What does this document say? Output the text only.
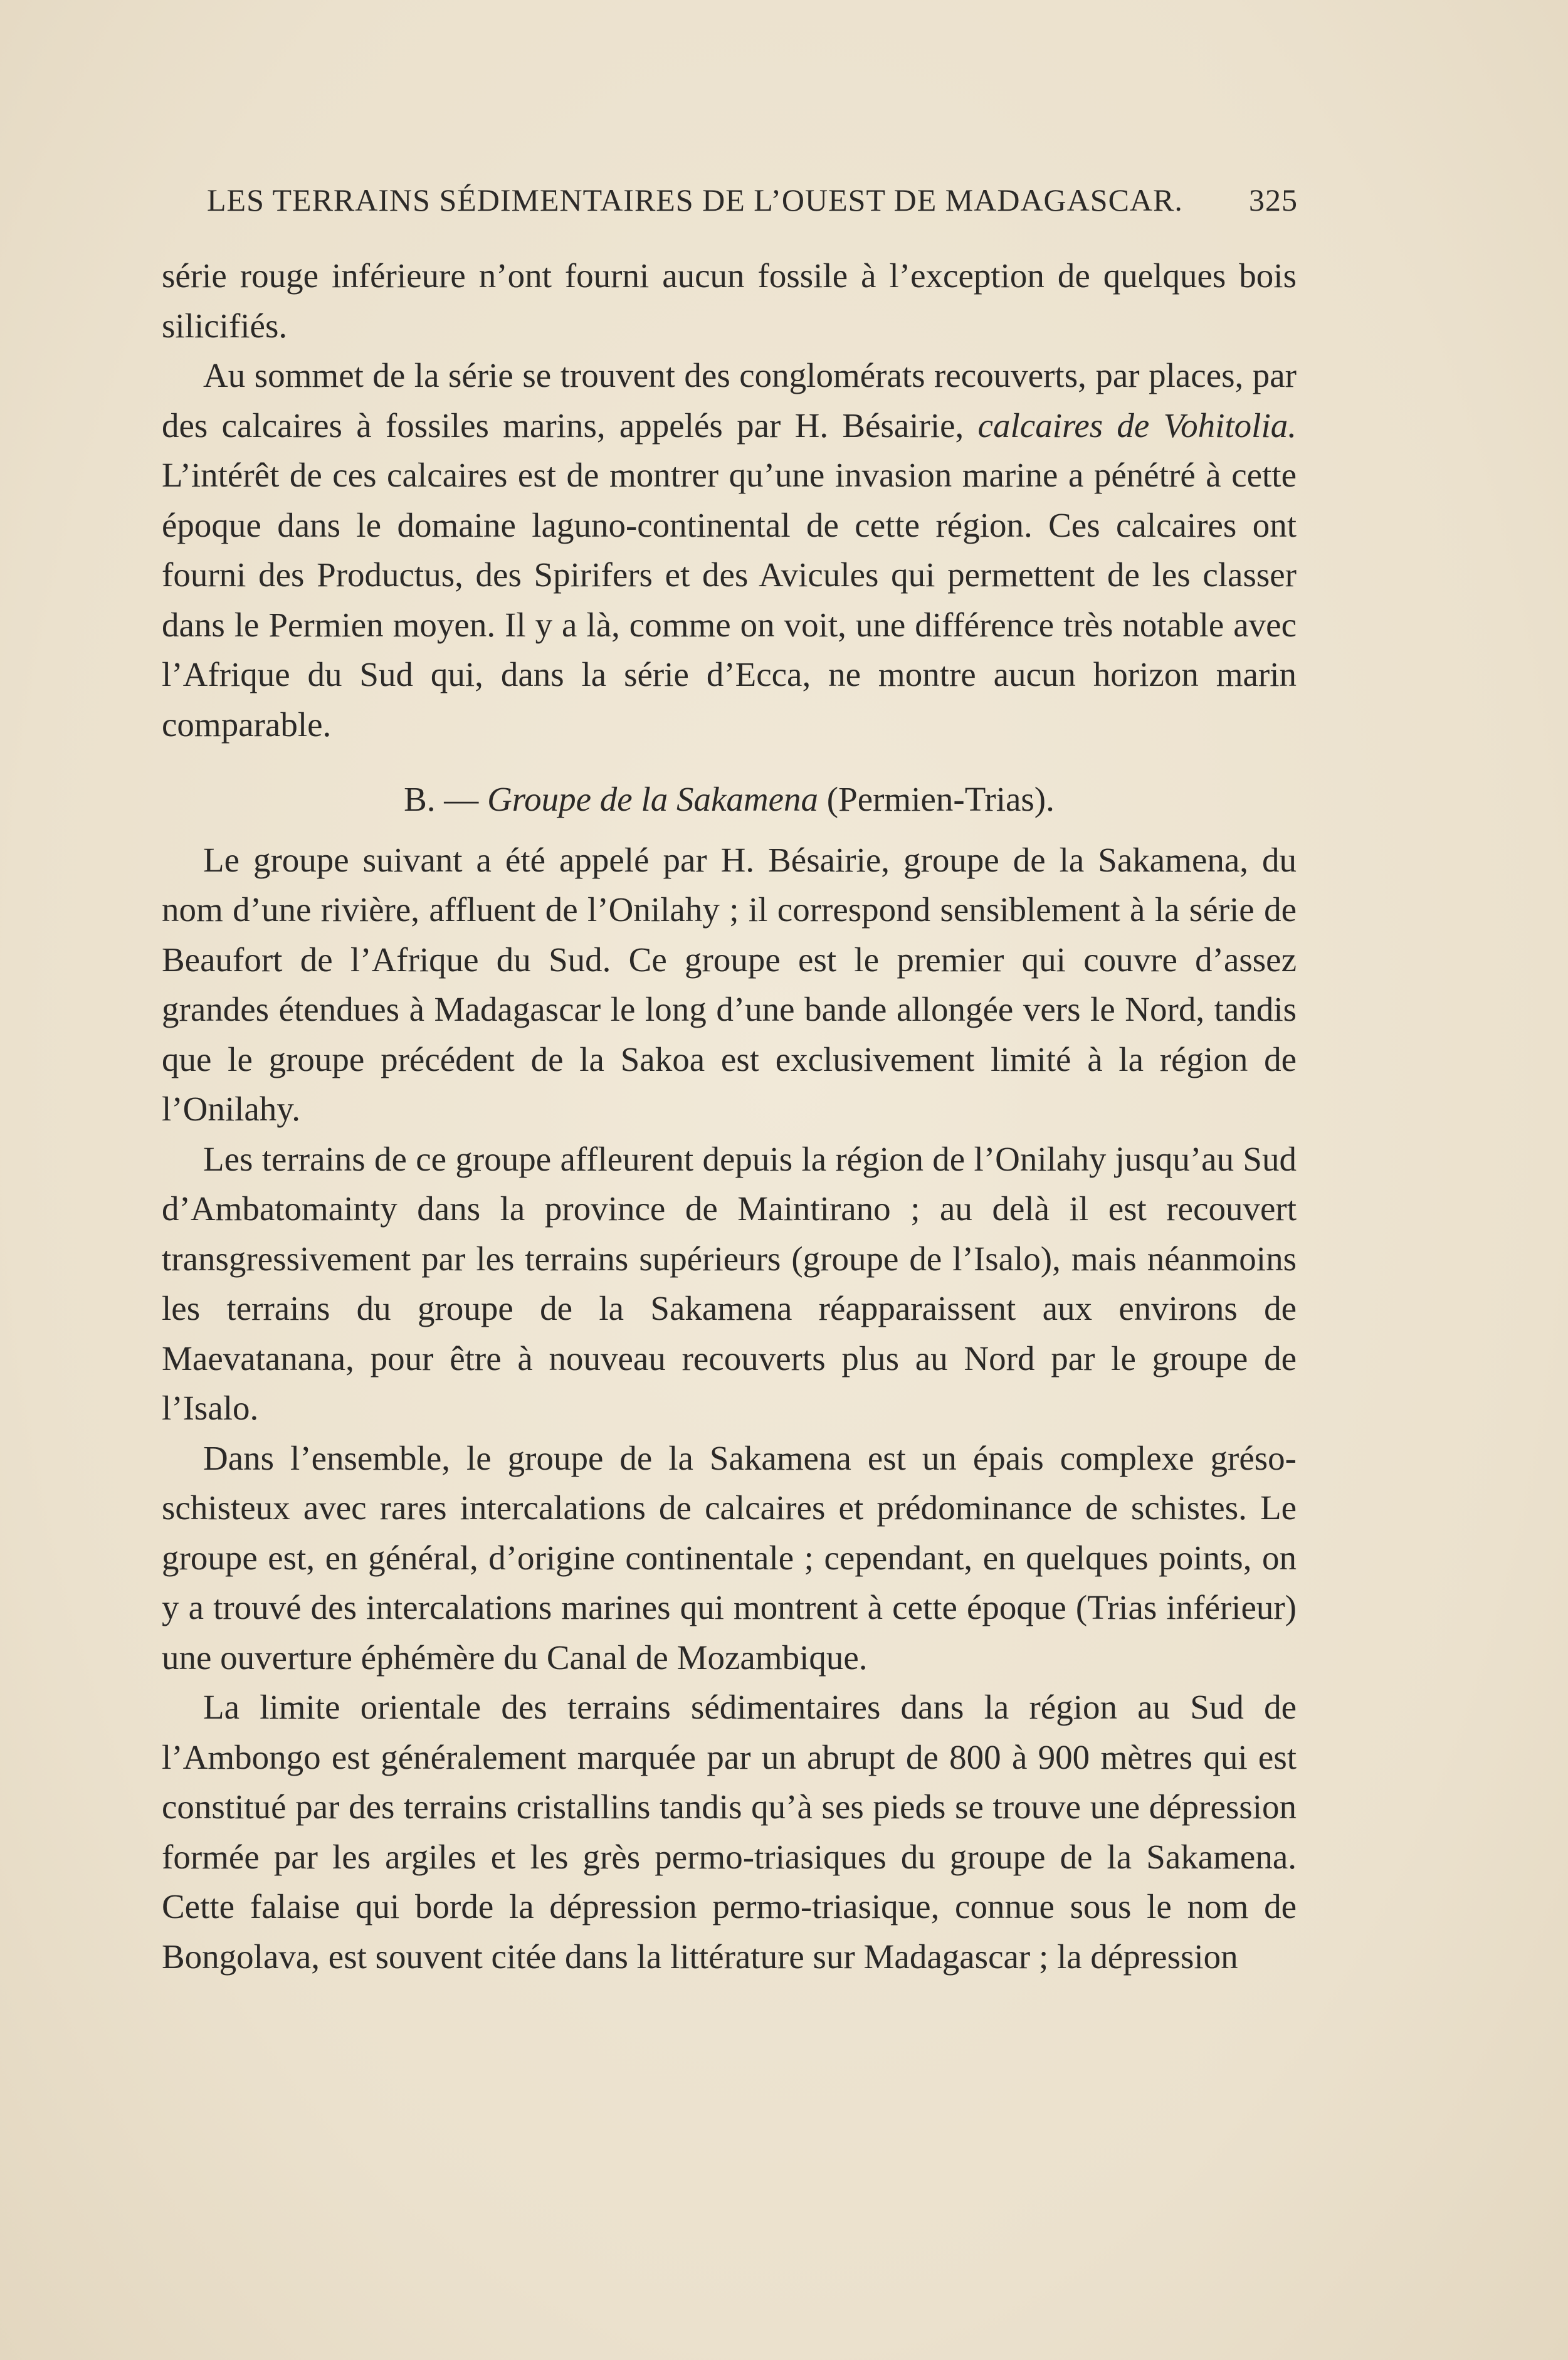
LES TERRAINS SÉDIMENTAIRES DE L’OUEST DE MADAGASCAR. 325

série rouge inférieure n’ont fourni aucun fossile à l’exception de quelques bois silicifiés.

Au sommet de la série se trouvent des conglomérats recouverts, par places, par des calcaires à fossiles marins, appelés par H. Bésairie, calcaires de Vohitolia. L’intérêt de ces calcaires est de montrer qu’une invasion marine a pénétré à cette époque dans le domaine laguno-continental de cette région. Ces calcaires ont fourni des Productus, des Spirifers et des Avicules qui permettent de les classer dans le Permien moyen. Il y a là, comme on voit, une différence très notable avec l’Afrique du Sud qui, dans la série d’Ecca, ne montre aucun horizon marin comparable.

B. — Groupe de la Sakamena (Permien-Trias).

Le groupe suivant a été appelé par H. Bésairie, groupe de la Sakamena, du nom d’une rivière, affluent de l’Onilahy ; il correspond sensiblement à la série de Beaufort de l’Afrique du Sud. Ce groupe est le premier qui couvre d’assez grandes étendues à Madagascar le long d’une bande allongée vers le Nord, tandis que le groupe précédent de la Sakoa est exclusivement limité à la région de l’Onilahy.

Les terrains de ce groupe affleurent depuis la région de l’Onilahy jusqu’au Sud d’Ambatomainty dans la province de Maintirano ; au delà il est recouvert transgressivement par les terrains supérieurs (groupe de l’Isalo), mais néanmoins les terrains du groupe de la Sakamena réapparaissent aux environs de Maevatanana, pour être à nouveau recouverts plus au Nord par le groupe de l’Isalo.

Dans l’ensemble, le groupe de la Sakamena est un épais complexe gréso-schisteux avec rares intercalations de calcaires et prédominance de schistes. Le groupe est, en général, d’origine continentale ; cependant, en quelques points, on y a trouvé des intercalations marines qui montrent à cette époque (Trias inférieur) une ouverture éphémère du Canal de Mozambique.

La limite orientale des terrains sédimentaires dans la région au Sud de l’Ambongo est généralement marquée par un abrupt de 800 à 900 mètres qui est constitué par des terrains cristallins tandis qu’à ses pieds se trouve une dépression formée par les argiles et les grès permo-triasiques du groupe de la Sakamena. Cette falaise qui borde la dépression permo-triasique, connue sous le nom de Bongolava, est souvent citée dans la littérature sur Madagascar ; la dépression
